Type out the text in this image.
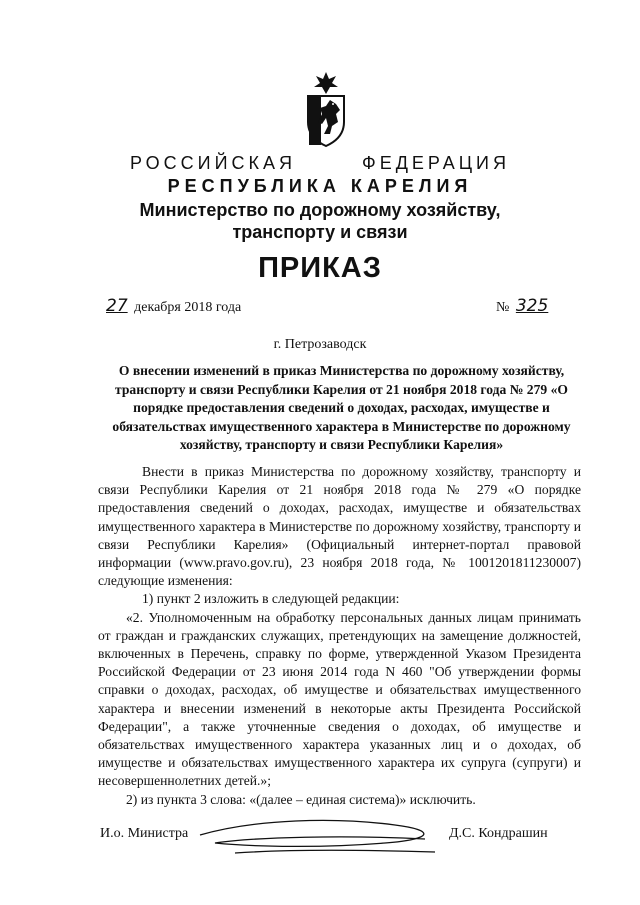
РОССИЙСКАЯ	ФЕДЕРАЦИЯ
РЕСПУБЛИКА КАРЕЛИЯ
Министерство по дорожному хозяйству,
транспорту и связи
ПРИКАЗ
27 декабря 2018 года	№ 325
г. Петрозаводск
О внесении изменений в приказ Министерства по дорожному хозяйству, транспорту и связи Республики Карелия от 21 ноября 2018 года № 279 «О порядке предоставления сведений о доходах, расходах, имуществе и обязательствах имущественного характера в Министерстве по дорожному хозяйству, транспорту и связи Республики Карелия»

Внести в приказ Министерства по дорожному хозяйству, транспорту и связи Республики Карелия от 21 ноября 2018 года № 279 «О порядке предоставления сведений о доходах, расходах, имуществе и обязательствах имущественного характера в Министерстве по дорожному хозяйству, транспорту и связи Республики Карелия» (Официальный интернет-портал правовой информации (www.pravo.gov.ru), 23 ноября 2018 года, № 1001201811230007) следующие изменения:

1) пункт 2 изложить в следующей редакции:

«2. Уполномоченным на обработку персональных данных лицам принимать от граждан и гражданских служащих, претендующих на замещение должностей, включенных в Перечень, справку по форме, утвержденной Указом Президента Российской Федерации от 23 июня 2014 года N 460 "Об утверждении формы справки о доходах, расходах, об имуществе и обязательствах имущественного характера и внесении изменений в некоторые акты Президента Российской Федерации", а также уточненные сведения о доходах, об имуществе и обязательствах имущественного характера указанных лиц и о доходах, об имуществе и обязательствах имущественного характера их супруга (супруги) и несовершеннолетних детей.»;

2) из пункта 3 слова: «(далее – единая система)» исключить.

И.о. Министра	Д.С. Кондрашин
